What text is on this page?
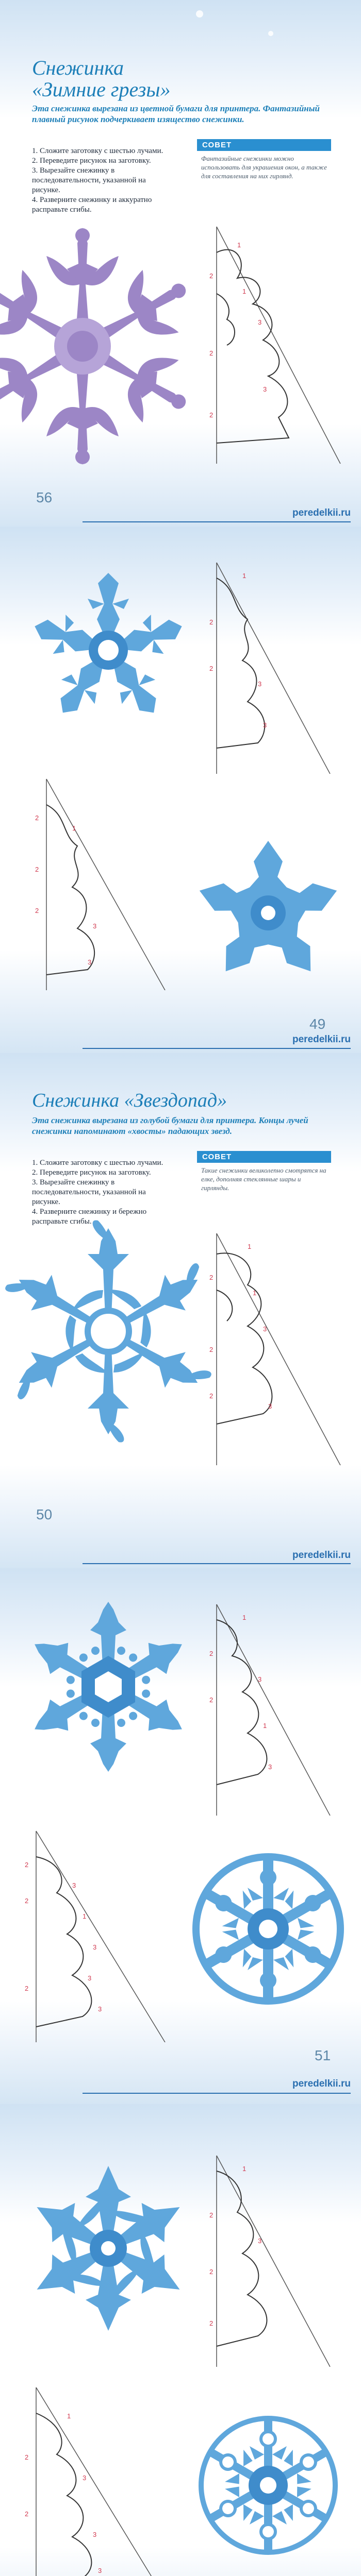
Снежинка
«Зимние грезы»

Эта снежинка вырезана из цветной бумаги для принтера. Фантазийный плавный рисунок подчеркивает изящество снежинки.

1. Сложите заготовку с шестью лучами.
2. Переведите рисунок на заготовку.
3. Вырезайте снежинку в последовательности, указанной на рисунке.
4. Разверните снежинку и аккуратно расправьте сгибы.
СОВЕТ
Фантазийные снежинки можно использовать для украшения окон, а также для составления на них гирлянд.
1
2
1
3
2
3
2
56
peredelkii.ru
1
2
2
3
3
2
1
2
2
3
3
49
peredelkii.ru
Снежинка «Звездопад»

Эта снежинка вырезана из голубой бумаги для принтера. Концы лучей снежинки напоминают «хвосты» падающих звезд.

1. Сложите заготовку с шестью лучами.
2. Переведите рисунок на заготовку.
3. Вырезайте снежинку в последовательности, указанной на рисунке.
4. Разверните снежинку и бережно расправьте сгибы.
СОВЕТ
Такие снежинки великолепно смотрятся на елке, дополняя стеклянные шары и гирлянды.
1
2
1
3
2
2
3
50
peredelkii.ru
1
2
2
3
1
3
2
2
3
1
3
3
2
3
51
peredelkii.ru
1
2
3
2
2
1
2
3
2
3
3
